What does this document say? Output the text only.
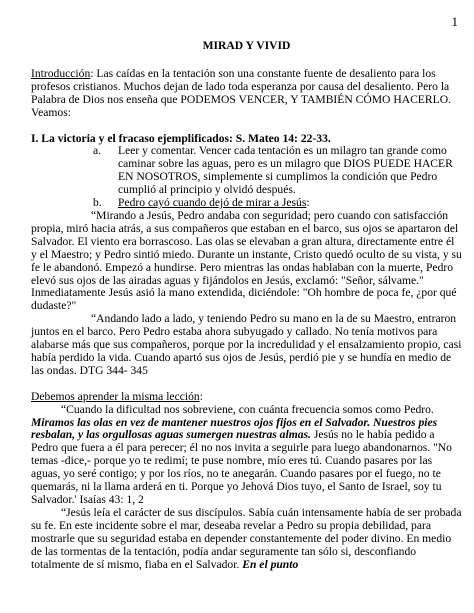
1

MIRAD Y VIVID

Introducción: Las caídas en la tentación son una constante fuente de desaliento para los profesos cristianos. Muchos dejan de lado toda esperanza por causa del desaliento. Pero la Palabra de Dios nos enseña que PODEMOS VENCER, Y TAMBIÉN CÓMO HACERLO. Veamos:

I. La victoria y el fracaso ejemplificados: S. Mateo 14: 22-33.

a. Leer y comentar. Vencer cada tentación es un milagro tan grande como caminar sobre las aguas, pero es un milagro que DIOS PUEDE HACER EN NOSOTROS, simplemente si cumplimos la condición que Pedro cumplió al principio y olvidó después.
b. Pedro cayó cuando dejó de mirar a Jesús:

“Mirando a Jesús, Pedro andaba con seguridad; pero cuando con satisfacción propia, miró hacia atrás, a sus compañeros que estaban en el barco, sus ojos se apartaron del Salvador. El viento era borrascoso. Las olas se elevaban a gran altura, directamente entre él y el Maestro; y Pedro sintió miedo. Durante un instante, Cristo quedó oculto de su vista, y su fe le abandonó. Empezó a hundirse. Pero mientras las ondas hablaban con la muerte, Pedro elevó sus ojos de las airadas aguas y fijándolos en Jesús, exclamó: "Señor, sálvame." Inmediatamente Jesús asió la mano extendida, diciéndole: "Oh hombre de poca fe, ¿por qué dudaste?"

“Andando lado a lado, y teniendo Pedro su mano en la de su Maestro, entraron juntos en el barco. Pero Pedro estaba ahora subyugado y callado. No tenía motivos para alabarse más que sus compañeros, porque por la incredulidad y el ensalzamiento propio, casi había perdido la vida. Cuando apartó sus ojos de Jesús, perdió pie y se hundía en medio de las ondas. DTG 344- 345

Debemos aprender la misma lección:

“Cuando la dificultad nos sobreviene, con cuánta frecuencia somos como Pedro. Miramos las olas en vez de mantener nuestros ojos fijos en el Salvador. Nuestros pies resbalan, y las orgullosas aguas sumergen nuestras almas. Jesús no le había pedido a Pedro que fuera a él para perecer; él no nos invita a seguirle para luego abandonarnos. "No temas -dice,- porque yo te redimí; te puse nombre, mío eres tú. Cuando pasares por las aguas, yo seré contigo; y por los ríos, no te anegarán. Cuando pasares por el fuego, no te quemarás, ni la llama arderá en ti. Porque yo Jehová Dios tuyo, el Santo de Israel, soy tu Salvador.' Isaías 43: 1, 2

“Jesús leía el carácter de sus discípulos. Sabía cuán intensamente había de ser probada su fe. En este incidente sobre el mar, deseaba revelar a Pedro su propia debilidad, para mostrarle que su seguridad estaba en depender constantemente del poder divino. En medio de las tormentas de la tentación, podía andar seguramente tan sólo si, desconfiando totalmente de sí mismo, fiaba en el Salvador. En el punto
